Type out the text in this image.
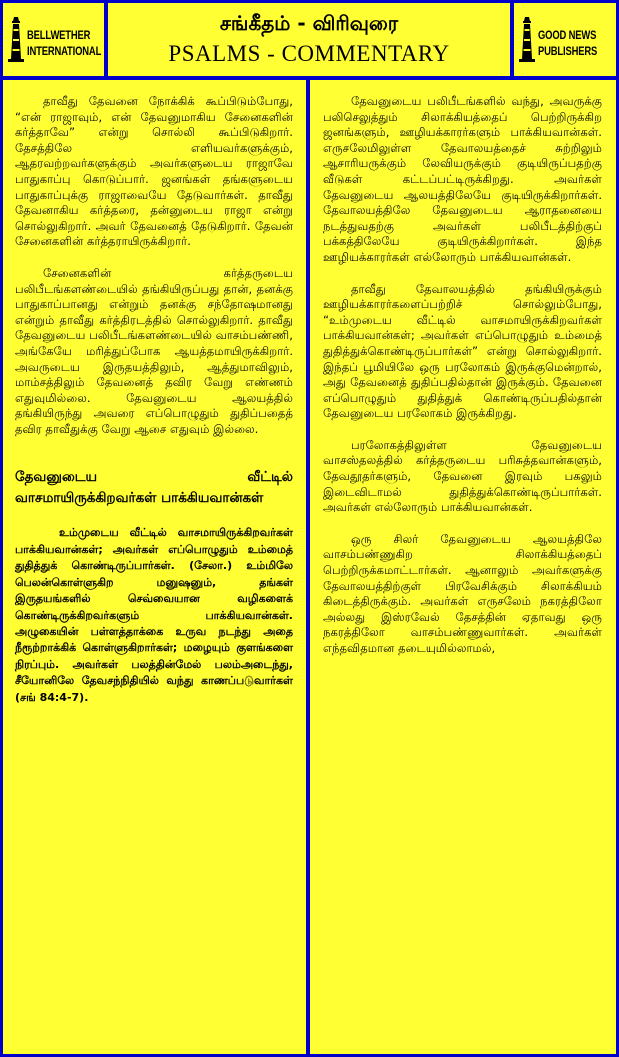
BELLWETHER
INTERNATIONAL
சங்கீதம் - விரிவுரை
PSALMS - COMMENTARY
GOOD NEWS
PUBLISHERS

தாவீது தேவனை நோக்கிக் கூப்பிடும்போது, “என் ராஜாவும், என் தேவனுமாகிய சேனைகளின் கர்த்தாவே” என்று சொல்லி கூப்பிடுகிறார். தேசத்திலே எளியவர்களுக்கும், ஆதரவற்றவர்களுக்கும் அவர்களுடைய ராஜாவே பாதுகாப்பு கொடுப்பார். ஜனங்கள் தங்களுடைய பாதுகாப்புக்கு ராஜாவையே தேடுவார்கள். தாவீது தேவனாகிய கர்த்தரை, தன்னுடைய ராஜா என்று சொல்லுகிறார். அவர் தேவனைத் தேடுகிறார். தேவன் சேனைகளின் கர்த்தராயிருக்கிறார்.

சேனைகளின் கர்த்தருடைய பலிபீடங்களண்டையில் தங்கியிருப்பது தான், தனக்கு பாதுகாப்பானது என்றும் தனக்கு சந்தோஷமானது என்றும் தாவீது கர்த்திரடத்தில் சொல்லுகிறார். தாவீது தேவனுடைய பலிபீடங்களண்டையில் வாசம்பண்ணி, அங்கேயே மரித்துப்போக ஆயத்தமாயிருக்கிறார். அவருடைய இருதயத்திலும், ஆத்துமாவிலும், மாம்சத்திலும் தேவனைத் தவிர வேறு எண்ணம் எதுவுமில்லை. தேவனுடைய ஆலயத்தில் தங்கியிருந்து அவரை எப்பொழுதும் துதிப்பதைத் தவிர தாவீதுக்கு வேறு ஆசை எதுவும் இல்லை.

தேவனுடைய வீட்டில் வாசமாயிருக்கிறவர்கள் பாக்கியவான்கள்

உம்முடைய வீட்டில் வாசமாயிருக்கிறவர்கள் பாக்கியவான்கள்; அவர்கள் எப்பொழுதும் உம்மைத் துதித்துக் கொண்டிருப்பார்கள். (சேலா.) உம்மிலே பெலன்கொள்ளுகிற மனுஷனும், தங்கள் இருதயங்களில் செவ்வையான வழிகளைக் கொண்டிருக்கிறவர்களும் பாக்கியவான்கள். அழுகையின் பள்ளத்தாக்கை உருவ நடந்து அதை நீரூற்றாக்கிக் கொள்ளுகிறார்கள்; மழையும் குளங்களை நிரப்பும். அவர்கள் பலத்தின்மேல் பலம்அடைந்து, சீயோனிலே தேவசந்நிதியில் வந்து காணப்படுவார்கள் (சங் 84:4-7).

தேவனுடைய பலிபீடங்களில் வந்து, அவருக்கு பலிசெலுத்தும் சிலாக்கியத்தைப் பெற்றிருக்கிற ஜனங்களும், ஊழியக்காரர்களும் பாக்கியவான்கள். எருசலேமிலுள்ள தேவாலயத்தைச் சுற்றிலும் ஆசாரியருக்கும் லேவியருக்கும் குடியிருப்பதற்கு வீடுகள் கட்டப்பட்டிருக்கிறது. அவர்கள் தேவனுடைய ஆலயத்திலேயே குடியிருக்கிறார்கள். தேவாலயத்திலே தேவனுடைய ஆராதனையை நடத்துவதற்கு அவர்கள் பலிபீடத்திற்குப் பக்கத்திலேயே குடியிருக்கிறார்கள். இந்த ஊழியக்காரர்கள் எல்லோரும் பாக்கியவான்கள்.

தாவீது தேவாலயத்தில் தங்கியிருக்கும் ஊழியக்காரர்களைப்பற்றிச் சொல்லும்போது, “உம்முடைய வீட்டில் வாசமாயிருக்கிறவர்கள் பாக்கியவான்கள்; அவர்கள் எப்பொழுதும் உம்மைத் துதித்துக்கொண்டிருப்பார்கள்” என்று சொல்லுகிறார். இந்தப் பூமியிலே ஒரு பரலோகம் இருக்குமென்றால், அது தேவனைத் துதிப்பதில்தான் இருக்கும். தேவனை எப்பொழுதும் துதித்துக் கொண்டிருப்பதில்தான் தேவனுடைய பரலோகம் இருக்கிறது.

பரலோகத்திலுள்ள தேவனுடைய வாசஸ்தலத்தில் கர்த்தருடைய பரிசுத்தவான்களும், தேவதூதர்களும், தேவனை இரவும் பகலும் இடைவிடாமல் துதித்துக்கொண்டிருப்பார்கள். அவர்கள் எல்லோரும் பாக்கியவான்கள்.

ஒரு சிலர் தேவனுடைய ஆலயத்திலே வாசம்பண்ணுகிற சிலாக்கியத்தைப் பெற்றிருக்கமாட்டார்கள். ஆனாலும் அவர்களுக்கு தேவாலயத்திற்குள் பிரவேசிக்கும் சிலாக்கியம் கிடைத்திருக்கும். அவர்கள் எருசலேம் நகரத்திலோ அல்லது இஸ்ரவேல் தேசத்தின் ஏதாவது ஒரு நகரத்திலோ வாசம்பண்ணுவார்கள். அவர்கள் எந்தவிதமான தடையுமில்லாமல்,
